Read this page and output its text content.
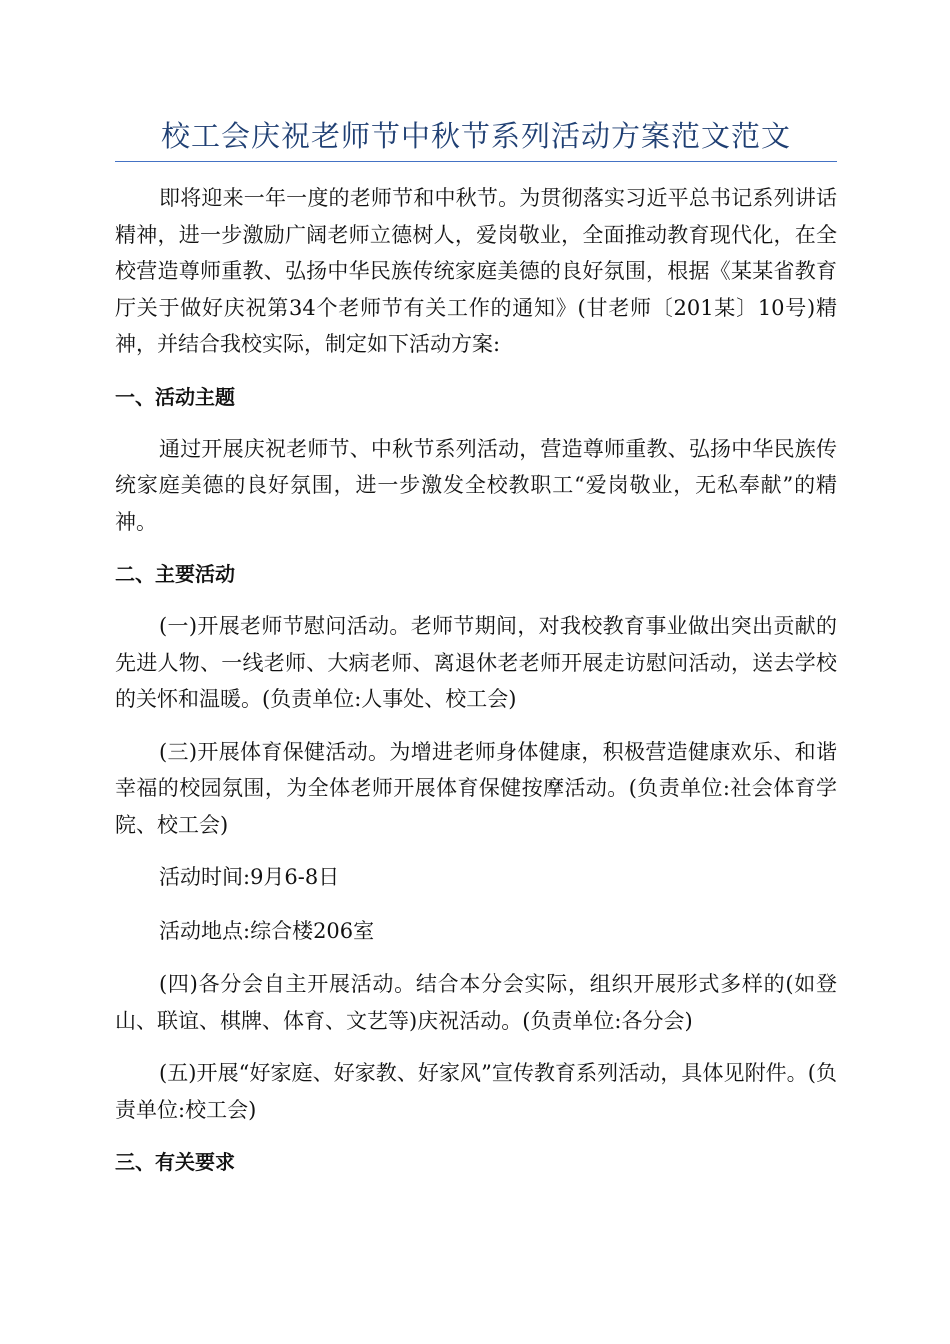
校工会庆祝老师节中秋节系列活动方案范文范文

即将迎来一年一度的老师节和中秋节。为贯彻落实习近平总书记系列讲话精神，进一步激励广阔老师立德树人，爱岗敬业，全面推动教育现代化，在全校营造尊师重教、弘扬中华民族传统家庭美德的良好氛围，根据《某某省教育厅关于做好庆祝第34个老师节有关工作的通知》(甘老师〔201某〕10号)精神，并结合我校实际，制定如下活动方案:

一、活动主题

通过开展庆祝老师节、中秋节系列活动，营造尊师重教、弘扬中华民族传统家庭美德的良好氛围，进一步激发全校教职工“爱岗敬业，无私奉献”的精神。

二、主要活动

(一)开展老师节慰问活动。老师节期间，对我校教育事业做出突出贡献的先进人物、一线老师、大病老师、离退休老老师开展走访慰问活动，送去学校的关怀和温暖。(负责单位:人事处、校工会)

(三)开展体育保健活动。为增进老师身体健康，积极营造健康欢乐、和谐幸福的校园氛围，为全体老师开展体育保健按摩活动。(负责单位:社会体育学院、校工会)

活动时间:9月6-8日

活动地点:综合楼206室

(四)各分会自主开展活动。结合本分会实际，组织开展形式多样的(如登山、联谊、棋牌、体育、文艺等)庆祝活动。(负责单位:各分会)

(五)开展“好家庭、好家教、好家风”宣传教育系列活动，具体见附件。(负责单位:校工会)

三、有关要求
